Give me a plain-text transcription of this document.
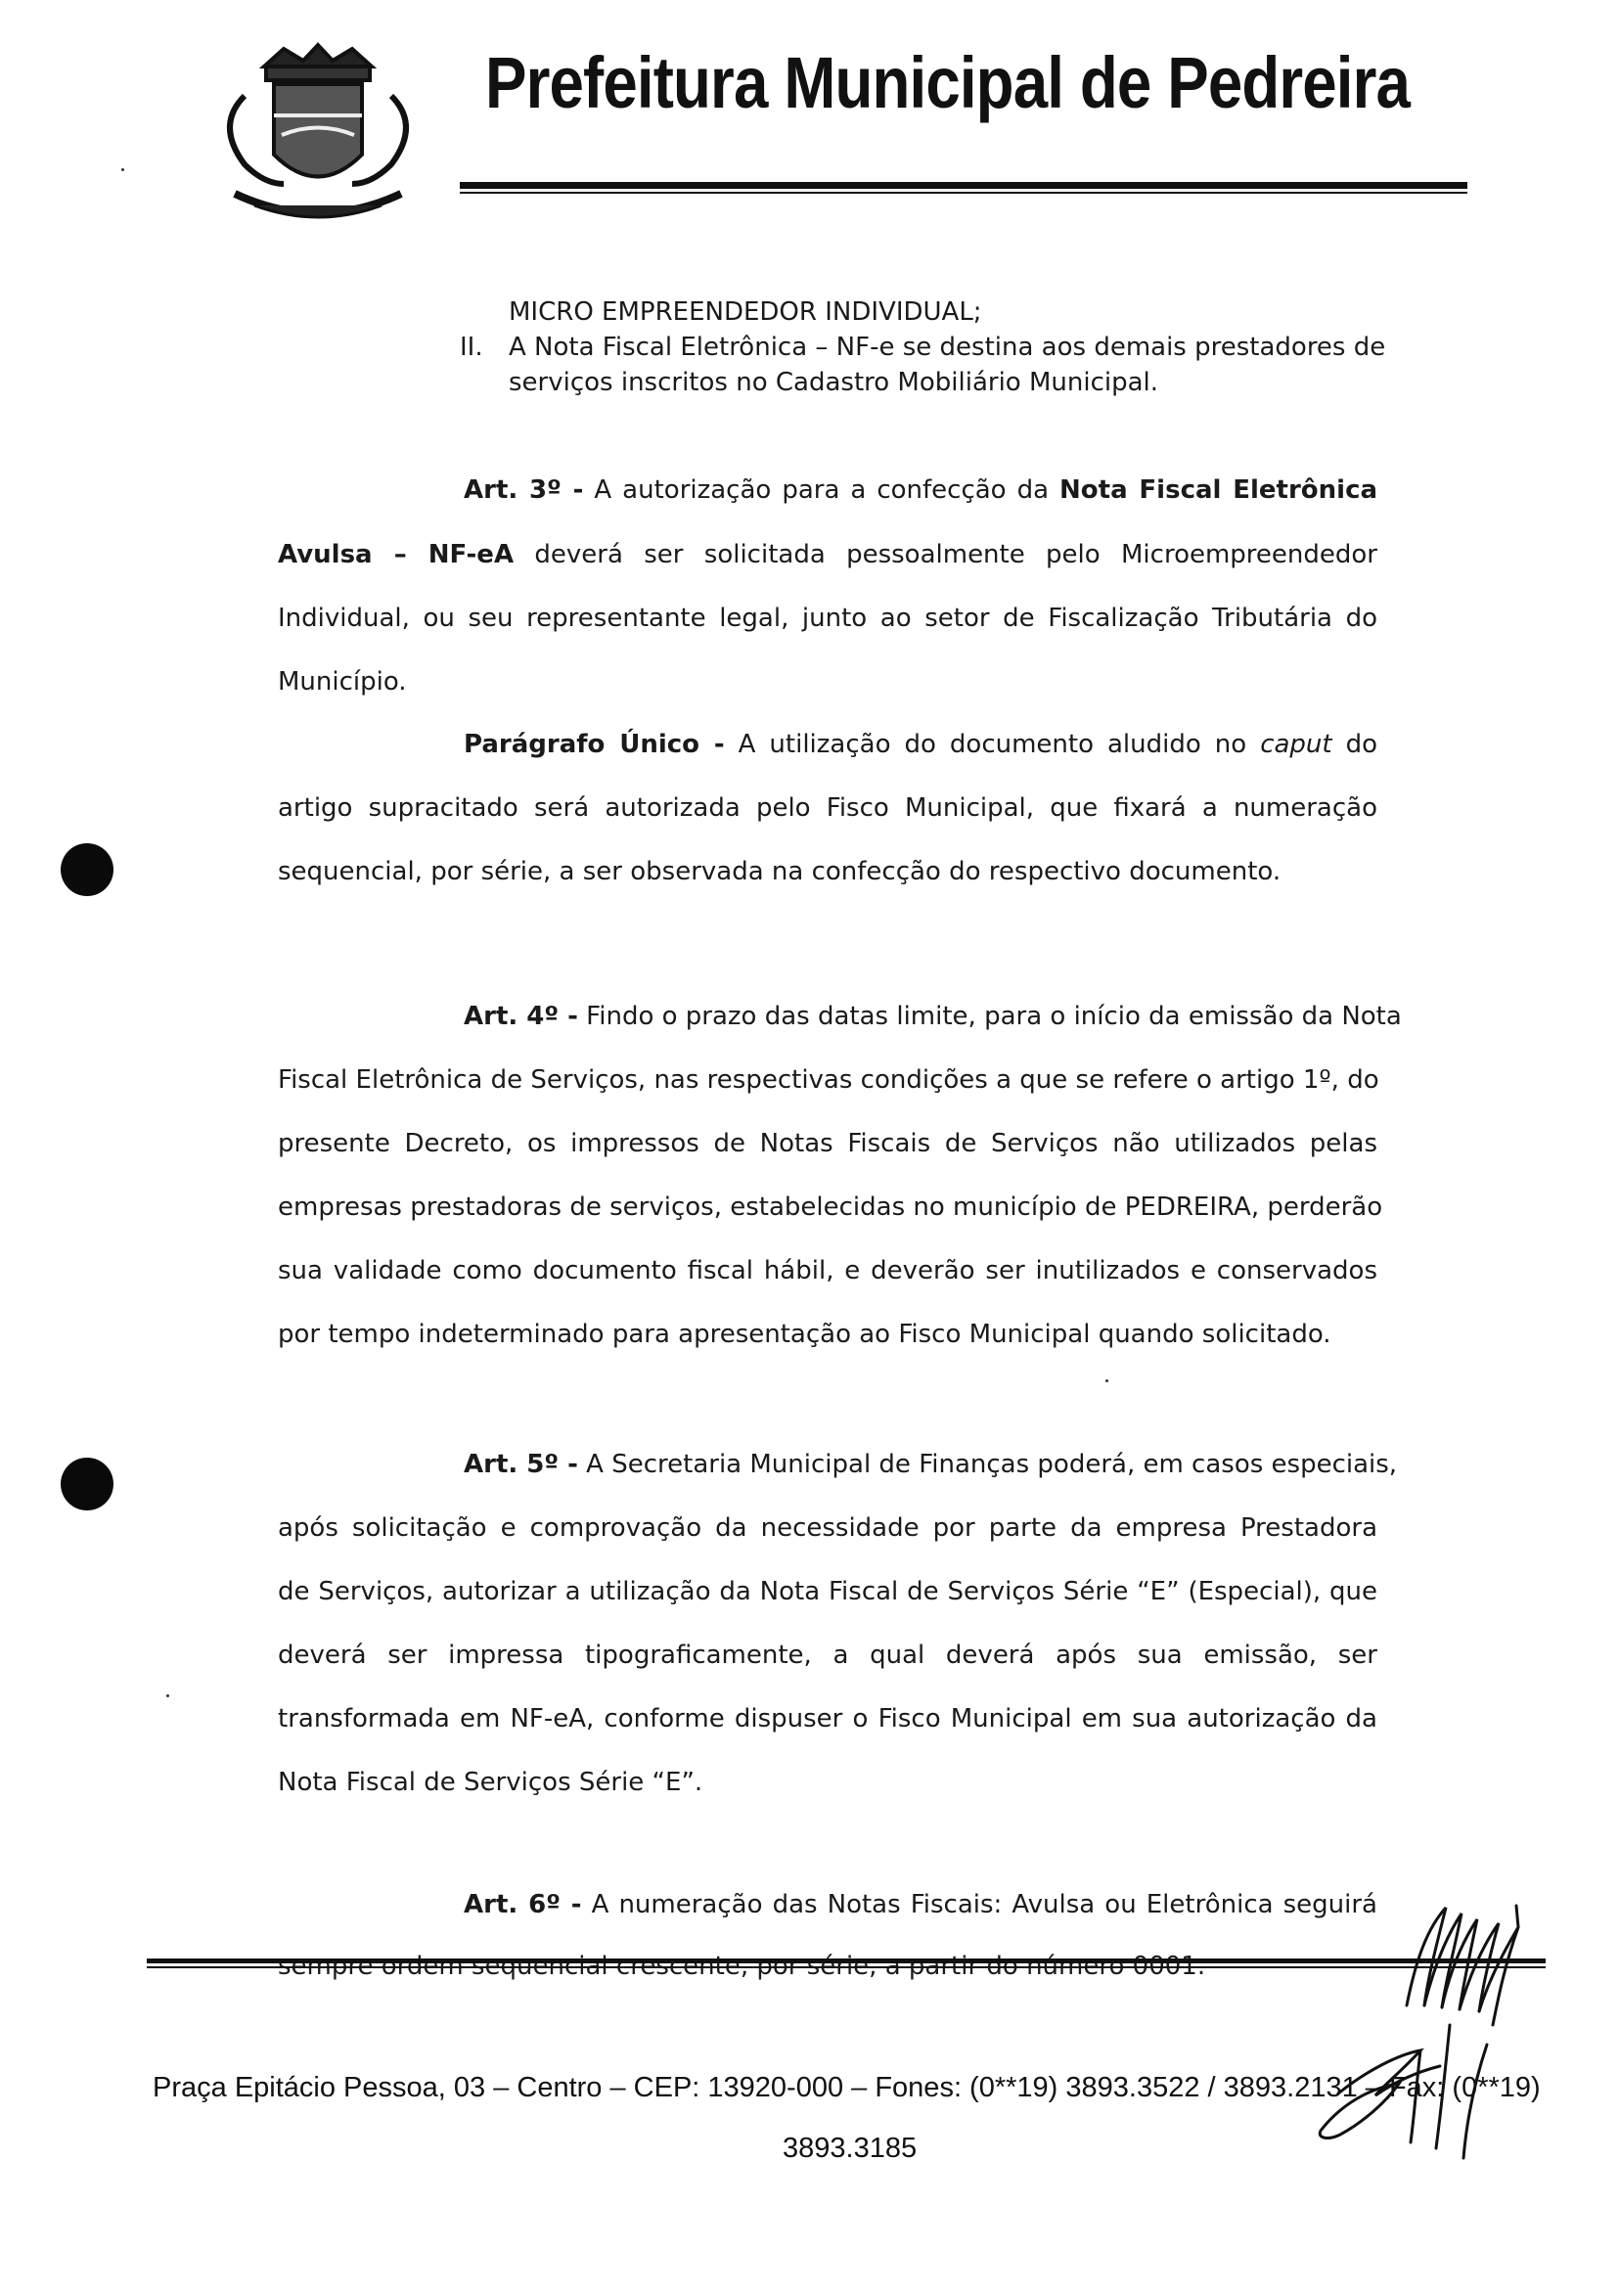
Prefeitura Municipal de Pedreira
MICRO EMPREENDEDOR INDIVIDUAL;
II. A Nota Fiscal Eletrônica – NF-e se destina aos demais prestadores de
serviços inscritos no Cadastro Mobiliário Municipal.
Art. 3º - A autorização para a confecção da Nota Fiscal Eletrônica
Avulsa – NF-eA deverá ser solicitada pessoalmente pelo Microempreendedor
Individual, ou seu representante legal, junto ao setor de Fiscalização Tributária do
Município.
Parágrafo Único - A utilização do documento aludido no caput do
artigo supracitado será autorizada pelo Fisco Municipal, que fixará a numeração
sequencial, por série, a ser observada na confecção do respectivo documento.
Art. 4º - Findo o prazo das datas limite, para o início da emissão da Nota
Fiscal Eletrônica de Serviços, nas respectivas condições a que se refere o artigo 1º, do
presente Decreto, os impressos de Notas Fiscais de Serviços não utilizados pelas
empresas prestadoras de serviços, estabelecidas no município de PEDREIRA, perderão
sua validade como documento fiscal hábil, e deverão ser inutilizados e conservados
por tempo indeterminado para apresentação ao Fisco Municipal quando solicitado.
Art. 5º - A Secretaria Municipal de Finanças poderá, em casos especiais,
após solicitação e comprovação da necessidade por parte da empresa Prestadora
de Serviços, autorizar a utilização da Nota Fiscal de Serviços Série “E” (Especial), que
deverá ser impressa tipograficamente, a qual deverá após sua emissão, ser
transformada em NF-eA, conforme dispuser o Fisco Municipal em sua autorização da
Nota Fiscal de Serviços Série “E”.
Art. 6º - A numeração das Notas Fiscais: Avulsa ou Eletrônica seguirá
Praça Epitácio Pessoa, 03 – Centro – CEP: 13920-000 – Fones: (0**19) 3893.3522 / 3893.2131 – Fax: (0**19)
3893.3185
